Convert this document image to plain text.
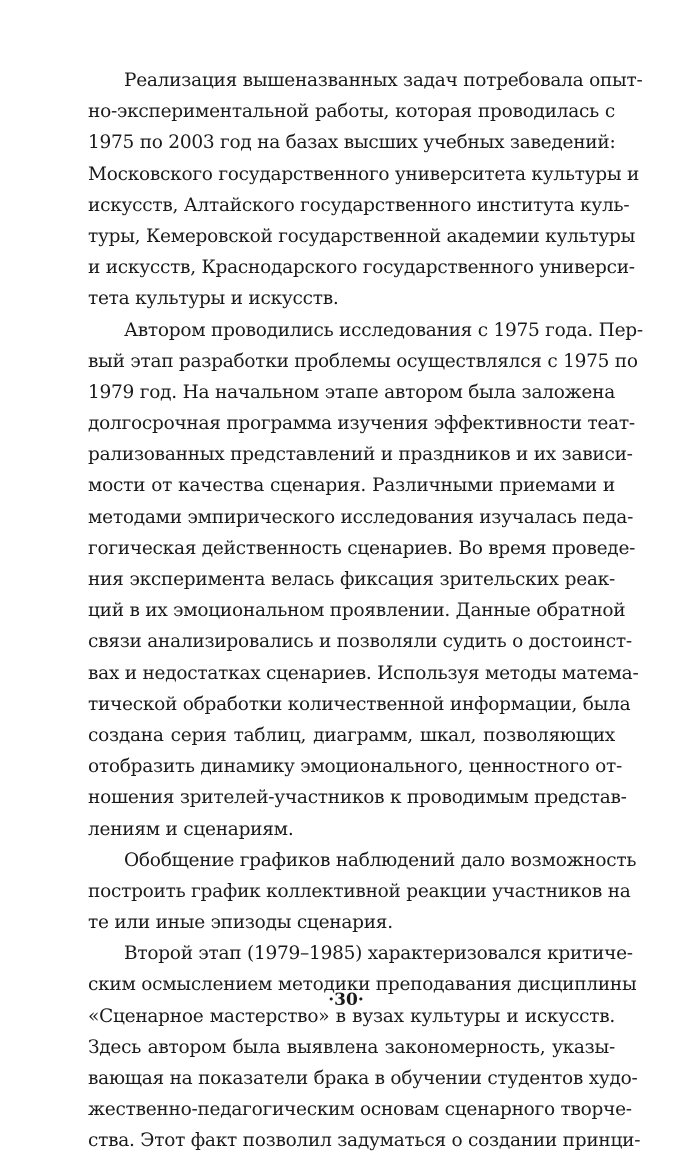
Реализация вышеназванных задач потребовала опыт-
но-экспериментальной работы, которая проводилась с
1975 по 2003 год на базах высших учебных заведений:
Московского государственного университета культуры и
искусств, Алтайского государственного института куль-
туры, Кемеровской государственной академии культуры
и искусств, Краснодарского государственного универси-
тета культуры и искусств.
Автором проводились исследования с 1975 года. Пер-
вый этап разработки проблемы осуществлялся с 1975 по
1979 год. На начальном этапе автором была заложена
долгосрочная программа изучения эффективности теат-
рализованных представлений и праздников и их зависи-
мости от качества сценария. Различными приемами и
методами эмпирического исследования изучалась педа-
гогическая действенность сценариев. Во время проведе-
ния эксперимента велась фиксация зрительских реак-
ций в их эмоциональном проявлении. Данные обратной
связи анализировались и позволяли судить о достоинст-
вах и недостатках сценариев. Используя методы матема-
тической обработки количественной информации, была
создана серия таблиц, диаграмм, шкал, позволяющих
отобразить динамику эмоционального, ценностного от-
ношения зрителей-участников к проводимым представ-
лениям и сценариям.
Обобщение графиков наблюдений дало возможность
построить график коллективной реакции участников на
те или иные эпизоды сценария.
Второй этап (1979–1985) характеризовался критиче-
ским осмыслением методики преподавания дисциплины
«Сценарное мастерство» в вузах культуры и искусств.
Здесь автором была выявлена закономерность, указы-
вающая на показатели брака в обучении студентов худо-
жественно-педагогическим основам сценарного творче-
ства. Этот факт позволил задуматься о создании принци-
·30·
